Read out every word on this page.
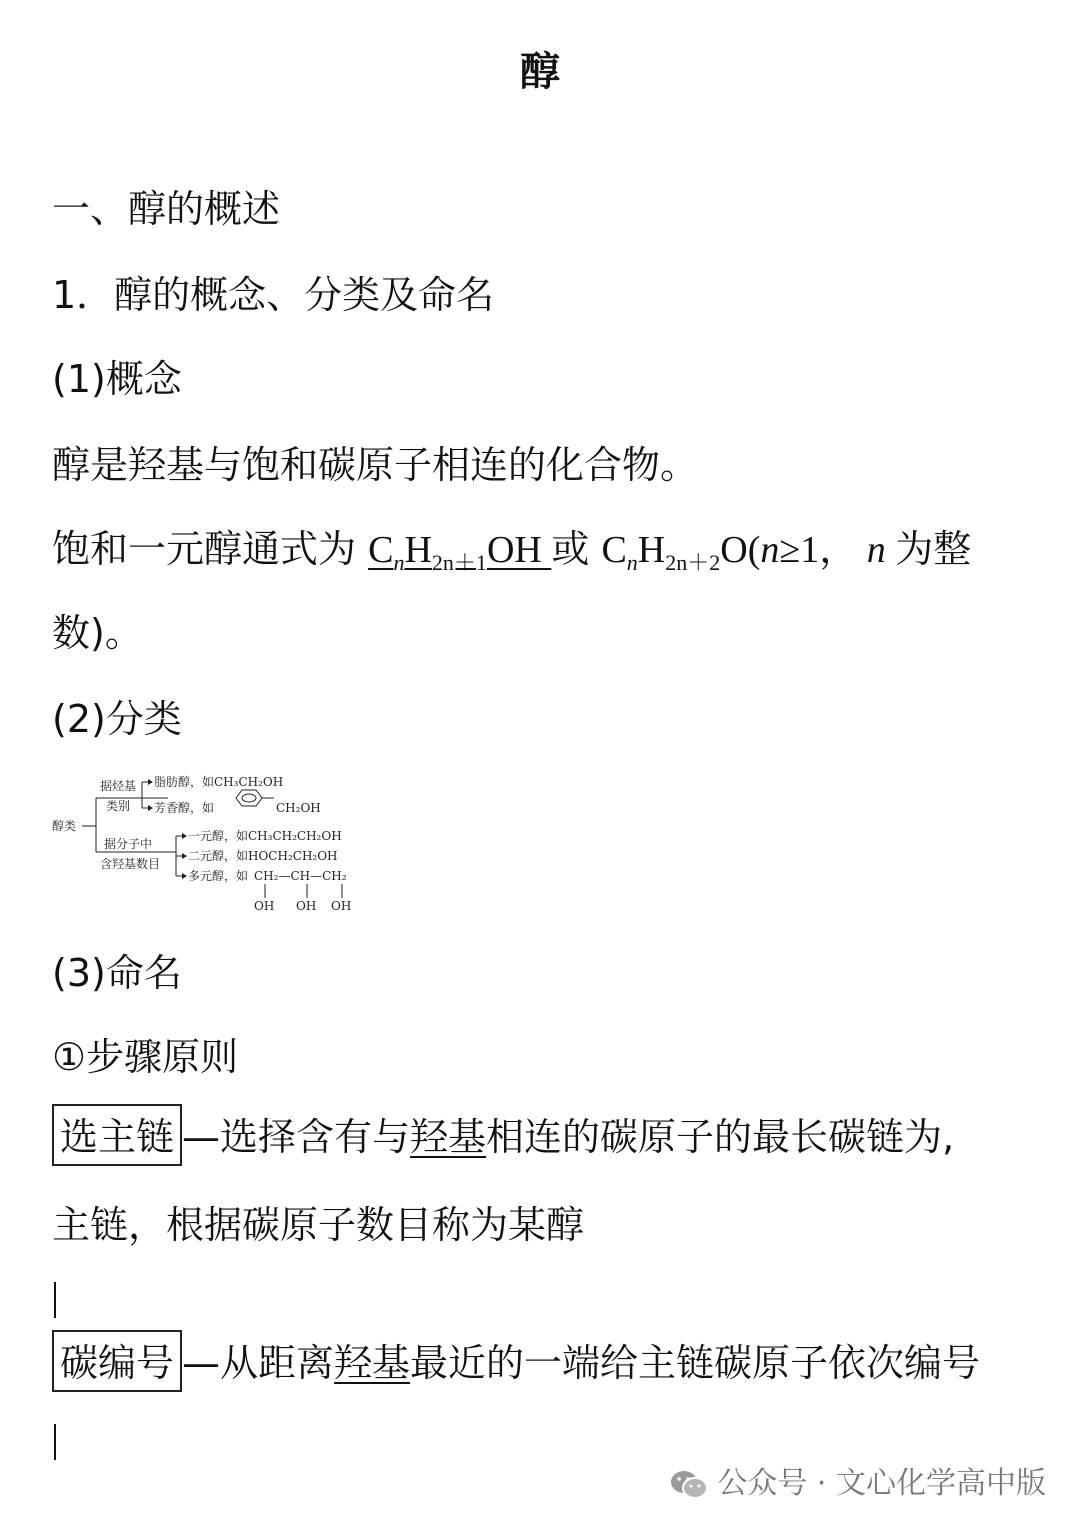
醇
一、醇的概述
1．醇的概念、分类及命名
(1)概念
醇是羟基与饱和碳原子相连的化合物。
饱和一元醇通式为 $C_nH_{2n+1}OH$ 或 $C_nH_{2n+2}O(n\ge 1$， n 为整
数)。
(2)分类
醇类
据烃基
类别
脂肪醇，如CH₃CH₂OH
芳香醇，如	CH₂OH
据分子中
含羟基数目
一元醇，如CH₃CH₂CH₂OH
二元醇，如HOCH₂CH₂OH
多元醇，如 CH₂—CH—CH₂
OH OH OH
(3)命名
①步骤原则
选主链 —选择含有与羟基相连的碳原子的最长碳链为,
主链，根据碳原子数目称为某醇
碳编号 —从距离羟基最近的一端给主链碳原子依次编号
公众号 · 文心化学高中版
